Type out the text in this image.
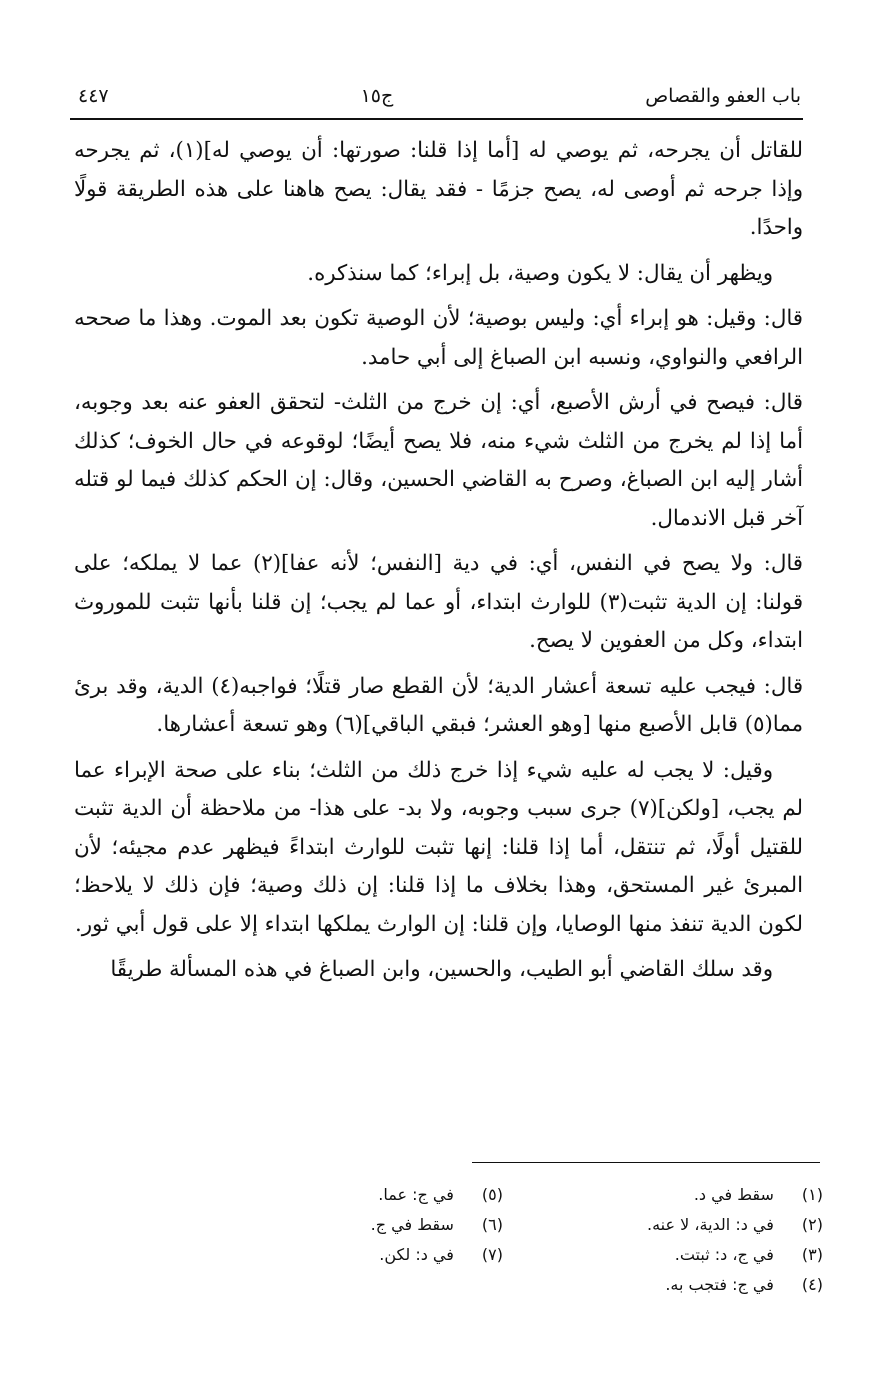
باب العفو والقصاص
ج١٥
٤٤٧

للقاتل أن يجرحه، ثم يوصي له [أما إذا قلنا: صورتها: أن يوصي له](١)، ثم يجرحه وإذا جرحه ثم أوصى له، يصح جزمًا - فقد يقال: يصح هاهنا على هذه الطريقة قولًا واحدًا.

ويظهر أن يقال: لا يكون وصية، بل إبراء؛ كما سنذكره.

قال: وقيل: هو إبراء أي: وليس بوصية؛ لأن الوصية تكون بعد الموت. وهذا ما صححه الرافعي والنواوي، ونسبه ابن الصباغ إلى أبي حامد.

قال: فيصح في أرش الأصبع، أي: إن خرج من الثلث- لتحقق العفو عنه بعد وجوبه، أما إذا لم يخرج من الثلث شيء منه، فلا يصح أيضًا؛ لوقوعه في حال الخوف؛ كذلك أشار إليه ابن الصباغ، وصرح به القاضي الحسين، وقال: إن الحكم كذلك فيما لو قتله آخر قبل الاندمال.

قال: ولا يصح في النفس، أي: في دية [النفس؛ لأنه عفا](٢) عما لا يملكه؛ على قولنا: إن الدية تثبت(٣) للوارث ابتداء، أو عما لم يجب؛ إن قلنا بأنها تثبت للموروث ابتداء، وكل من العفوين لا يصح.

قال: فيجب عليه تسعة أعشار الدية؛ لأن القطع صار قتلًا؛ فواجبه(٤) الدية، وقد برئ مما(٥) قابل الأصبع منها [وهو العشر؛ فبقي الباقي](٦) وهو تسعة أعشارها.

وقيل: لا يجب له عليه شيء إذا خرج ذلك من الثلث؛ بناء على صحة الإبراء عما لم يجب، [ولكن](٧) جرى سبب وجوبه، ولا بد- على هذا- من ملاحظة أن الدية تثبت للقتيل أولًا، ثم تنتقل، أما إذا قلنا: إنها تثبت للوارث ابتداءً فيظهر عدم مجيئه؛ لأن المبرئ غير المستحق، وهذا بخلاف ما إذا قلنا: إن ذلك وصية؛ فإن ذلك لا يلاحظ؛ لكون الدية تنفذ منها الوصايا، وإن قلنا: إن الوارث يملكها ابتداء إلا على قول أبي ثور.

وقد سلك القاضي أبو الطيب، والحسين، وابن الصباغ في هذه المسألة طريقًا

(١) سقط في د.
(٢) في د: الدية، لا عنه.
(٣) في ج، د: ثبتت.
(٤) في ج: فتجب به.
(٥) في ج: عما.
(٦) سقط في ج.
(٧) في د: لكن.
